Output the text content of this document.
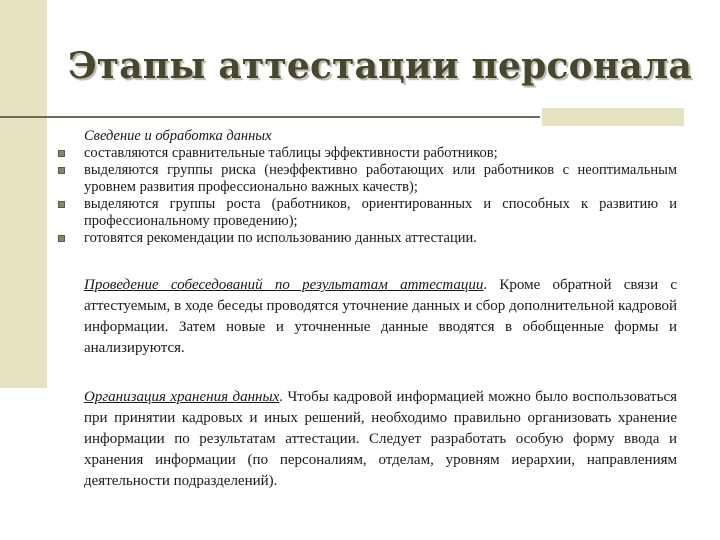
Этапы аттестации персонала

Сведение и обработка данных

составляются сравнительные таблицы эффективности работников;
выделяются группы риска (неэффективно работающих или работников с неоптимальным уровнем развития профессионально важных качеств);
выделяются группы роста (работников, ориентированных и способных к развитию и профессиональному проведению);
готовятся рекомендации по использованию данных аттестации.

Проведение собеседований по результатам аттестации. Кроме обратной связи с аттестуемым, в ходе беседы проводятся уточнение данных и сбор дополнительной кадровой информации. Затем новые и уточненные данные вводятся в обобщенные формы и анализируются.

Организация хранения данных. Чтобы кадровой информацией можно было воспользоваться при принятии кадровых и иных решений, необходимо правильно организовать хранение информации по результатам аттестации. Следует разработать особую форму ввода и хранения информации (по персоналиям, отделам, уровням иерархии, направлениям деятельности подразделений).
